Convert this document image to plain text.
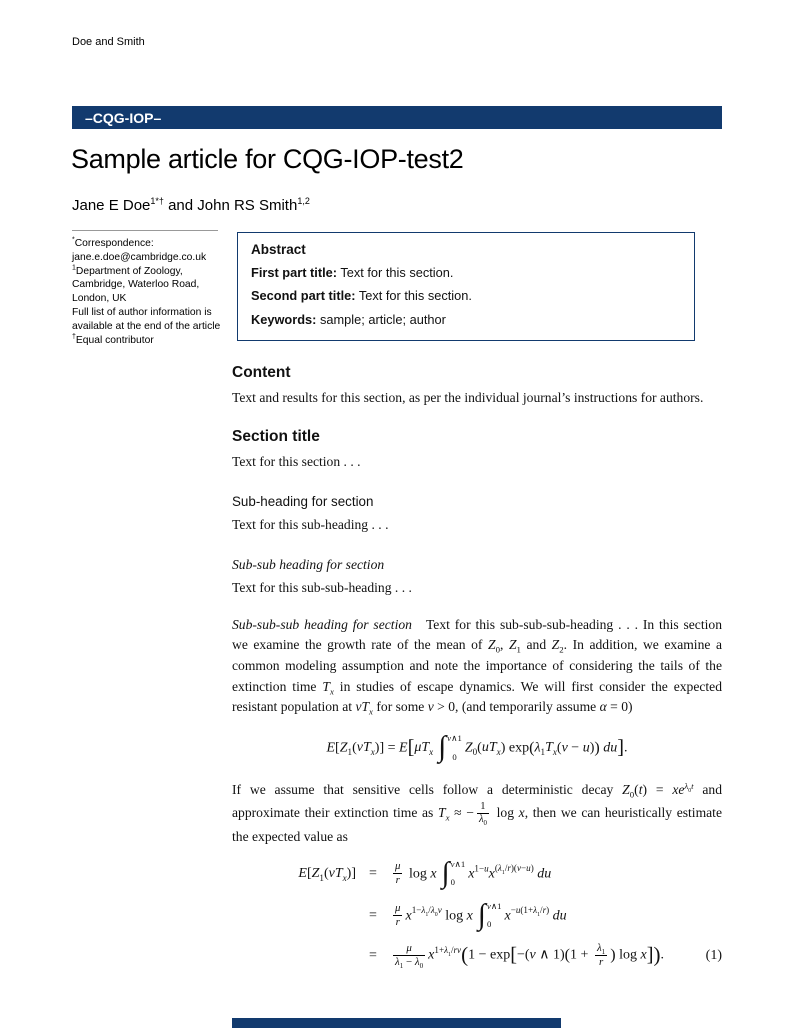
Doe and Smith
–CQG-IOP–
Sample article for CQG-IOP-test2
Jane E Doe$^{1*\dagger}$ and John RS Smith$^{1,2}$
*Correspondence:
jane.e.doe@cambridge.co.uk
$^1$Department of Zoology,
Cambridge, Waterloo Road,
London, UK
Full list of author information is
available at the end of the article
†Equal contributor
Abstract

First part title: Text for this section.

Second part title: Text for this section.

Keywords: sample; article; author

Content

Text and results for this section, as per the individual journal’s instructions for authors.

Section title

Text for this section . . .

Sub-heading for section

Text for this sub-heading . . .

Sub-sub heading for section

Text for this sub-sub-heading . . .

Sub-sub-sub heading for section Text for this sub-sub-sub-heading . . . In this section we examine the growth rate of the mean of $Z_0$, $Z_1$ and $Z_2$. In addition, we examine a common modeling assumption and note the importance of considering the tails of the extinction time $T_x$ in studies of escape dynamics. We will first consider the expected resistant population at $vT_x$ for some v > 0, (and temporarily assume α = 0)

$E[Z_1(vT_x)] = E[\mu T_x$ ∫ v∧1
0
$Z_0(uT_x) \exp(\lambda_1T_x(v - u))$ du].

If we assume that sensitive cells follow a deterministic decay $Z_0(t) = xe^{\lambda_0t}$ and approximate their extinction time as $T_x$ ≈ − $\frac{1}{\lambda_0}$ log x, then we can heuristically estimate the expected value as

$E[Z_1(vT_x)]$ =	$\frac{\mu}{r}$ log x ∫ v∧1
0
$x^{1-u}x^{(\lambda_1/r)(v-u)}$ du
=	$\frac{\mu}{r} x^{1-\lambda_1/\lambda_0v}$ log x ∫ v∧1
0
$x^{-u(1+\lambda_1/r)}$ du
=	$\frac{\mu}{\lambda_1 - \lambda_0} x^{1+\lambda_1/rv}(1 - \exp[-(v$ ∧ $1)(1 + \frac{\lambda_1}{r}$ ) log x]).	(1)
